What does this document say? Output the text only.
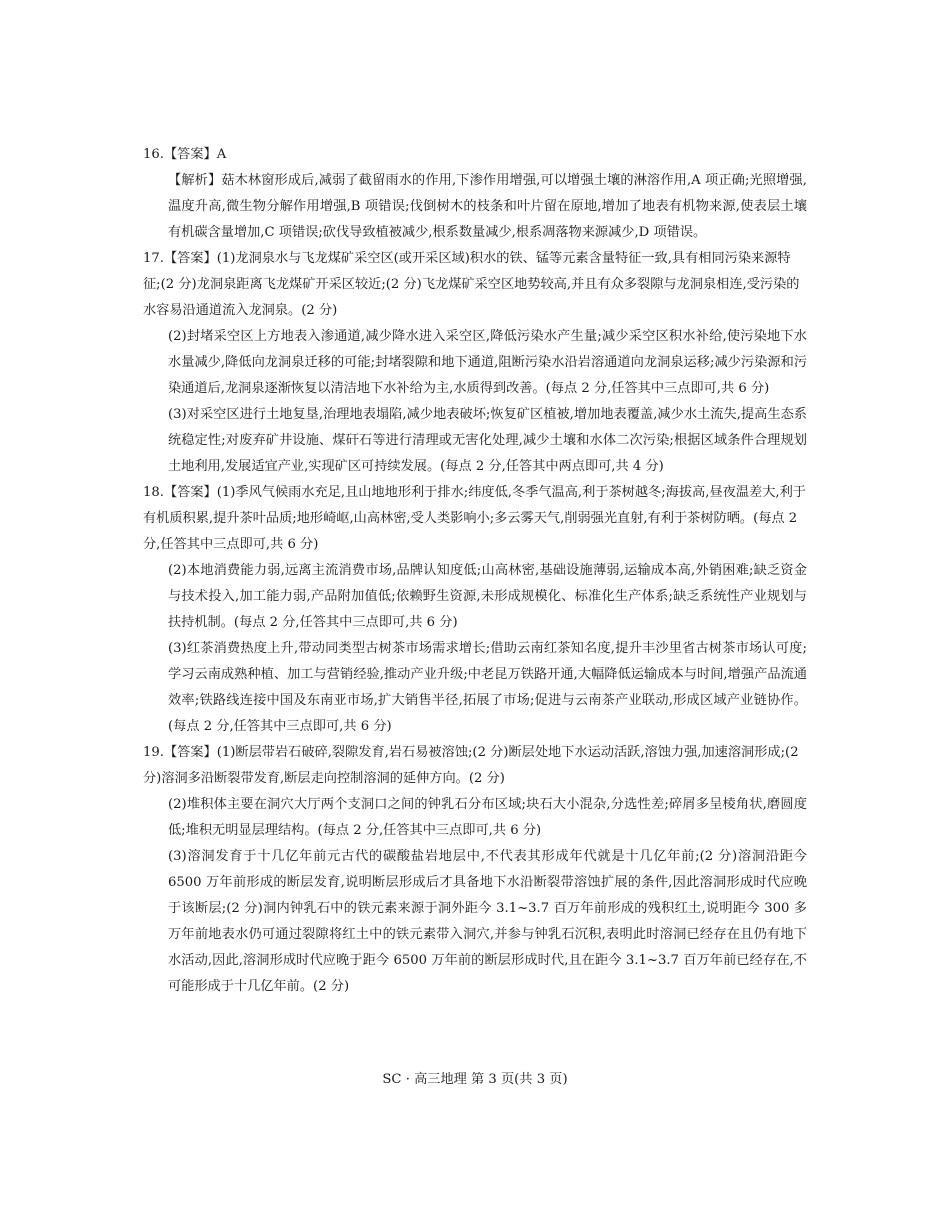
16.【答案】A

【解析】菇木林窗形成后,减弱了截留雨水的作用,下渗作用增强,可以增强土壤的淋溶作用,A 项正确;光照增强,温度升高,微生物分解作用增强,B 项错误;伐倒树木的枝条和叶片留在原地,增加了地表有机物来源,使表层土壤有机碳含量增加,C 项错误;砍伐导致植被减少,根系数量减少,根系凋落物来源减少,D 项错误。

17.【答案】(1)龙洞泉水与飞龙煤矿采空区(或开采区域)积水的铁、锰等元素含量特征一致,具有相同污染来源特征;(2 分)龙洞泉距离飞龙煤矿开采区较近;(2 分)飞龙煤矿采空区地势较高,并且有众多裂隙与龙洞泉相连,受污染的水容易沿通道流入龙洞泉。(2 分)

(2)封堵采空区上方地表入渗通道,减少降水进入采空区,降低污染水产生量;减少采空区积水补给,使污染地下水水量减少,降低向龙洞泉迁移的可能;封堵裂隙和地下通道,阻断污染水沿岩溶通道向龙洞泉运移;减少污染源和污染通道后,龙洞泉逐渐恢复以清洁地下水补给为主,水质得到改善。(每点 2 分,任答其中三点即可,共 6 分)

(3)对采空区进行土地复垦,治理地表塌陷,减少地表破坏;恢复矿区植被,增加地表覆盖,减少水土流失,提高生态系统稳定性;对废弃矿井设施、煤矸石等进行清理或无害化处理,减少土壤和水体二次污染;根据区域条件合理规划土地利用,发展适宜产业,实现矿区可持续发展。(每点 2 分,任答其中两点即可,共 4 分)

18.【答案】(1)季风气候雨水充足,且山地地形利于排水;纬度低,冬季气温高,利于茶树越冬;海拔高,昼夜温差大,利于有机质积累,提升茶叶品质;地形崎岖,山高林密,受人类影响小;多云雾天气,削弱强光直射,有利于茶树防晒。(每点 2 分,任答其中三点即可,共 6 分)

(2)本地消费能力弱,远离主流消费市场,品牌认知度低;山高林密,基础设施薄弱,运输成本高,外销困难;缺乏资金与技术投入,加工能力弱,产品附加值低;依赖野生资源,未形成规模化、标准化生产体系;缺乏系统性产业规划与扶持机制。(每点 2 分,任答其中三点即可,共 6 分)

(3)红茶消费热度上升,带动同类型古树茶市场需求增长;借助云南红茶知名度,提升丰沙里省古树茶市场认可度;学习云南成熟种植、加工与营销经验,推动产业升级;中老昆万铁路开通,大幅降低运输成本与时间,增强产品流通效率;铁路线连接中国及东南亚市场,扩大销售半径,拓展了市场;促进与云南茶产业联动,形成区域产业链协作。(每点 2 分,任答其中三点即可,共 6 分)

19.【答案】(1)断层带岩石破碎,裂隙发育,岩石易被溶蚀;(2 分)断层处地下水运动活跃,溶蚀力强,加速溶洞形成;(2 分)溶洞多沿断裂带发育,断层走向控制溶洞的延伸方向。(2 分)

(2)堆积体主要在洞穴大厅两个支洞口之间的钟乳石分布区域;块石大小混杂,分选性差;碎屑多呈棱角状,磨圆度低;堆积无明显层理结构。(每点 2 分,任答其中三点即可,共 6 分)

(3)溶洞发育于十几亿年前元古代的碳酸盐岩地层中,不代表其形成年代就是十几亿年前;(2 分)溶洞沿距今 6500 万年前形成的断层发育,说明断层形成后才具备地下水沿断裂带溶蚀扩展的条件,因此溶洞形成时代应晚于该断层;(2 分)洞内钟乳石中的铁元素来源于洞外距今 3.1~3.7 百万年前形成的残积红土,说明距今 300 多万年前地表水仍可通过裂隙将红土中的铁元素带入洞穴,并参与钟乳石沉积,表明此时溶洞已经存在且仍有地下水活动,因此,溶洞形成时代应晚于距今 6500 万年前的断层形成时代,且在距今 3.1~3.7 百万年前已经存在,不可能形成于十几亿年前。(2 分)

SC · 高三地理 第 3 页(共 3 页)
